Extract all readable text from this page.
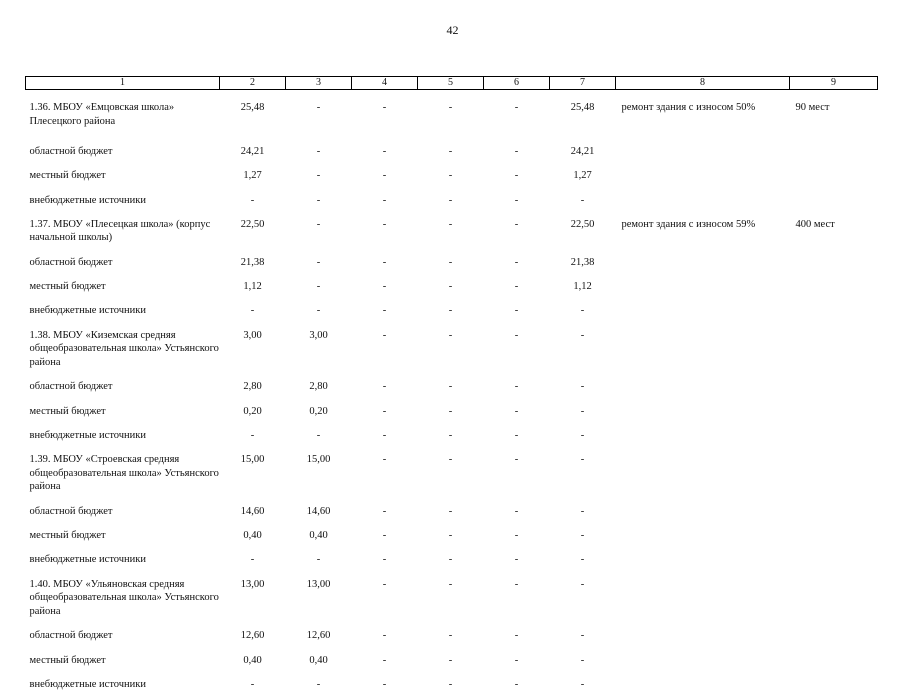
42
1	2	3	4	5	6	7	8	9
1.36. МБОУ «Емцовская школа» Плесецкого района	25,48	-	-	-	-	25,48	ремонт здания с износом 50%	90 мест
областной бюджет	24,21	-	-	-	-	24,21		
местный бюджет	1,27	-	-	-	-	1,27		
внебюджетные источники	-	-	-	-	-	-		
1.37. МБОУ «Плесецкая школа» (корпус начальной школы)	22,50	-	-	-	-	22,50	ремонт здания с износом 59%	400 мест
областной бюджет	21,38	-	-	-	-	21,38		
местный бюджет	1,12	-	-	-	-	1,12		
внебюджетные источники	-	-	-	-	-	-		
1.38. МБОУ «Киземская средняя общеобразовательная школа» Устьянского района	3,00	3,00	-	-	-	-		
областной бюджет	2,80	2,80	-	-	-	-		
местный бюджет	0,20	0,20	-	-	-	-		
внебюджетные источники	-	-	-	-	-	-		
1.39. МБОУ «Строевская средняя общеобразовательная школа» Устьянского района	15,00	15,00	-	-	-	-		
областной бюджет	14,60	14,60	-	-	-	-		
местный бюджет	0,40	0,40	-	-	-	-		
внебюджетные источники	-	-	-	-	-	-		
1.40. МБОУ «Ульяновская средняя общеобразовательная школа» Устьянского района	13,00	13,00	-	-	-	-		
областной бюджет	12,60	12,60	-	-	-	-		
местный бюджет	0,40	0,40	-	-	-	-		
внебюджетные источники	-	-	-	-	-	-		
